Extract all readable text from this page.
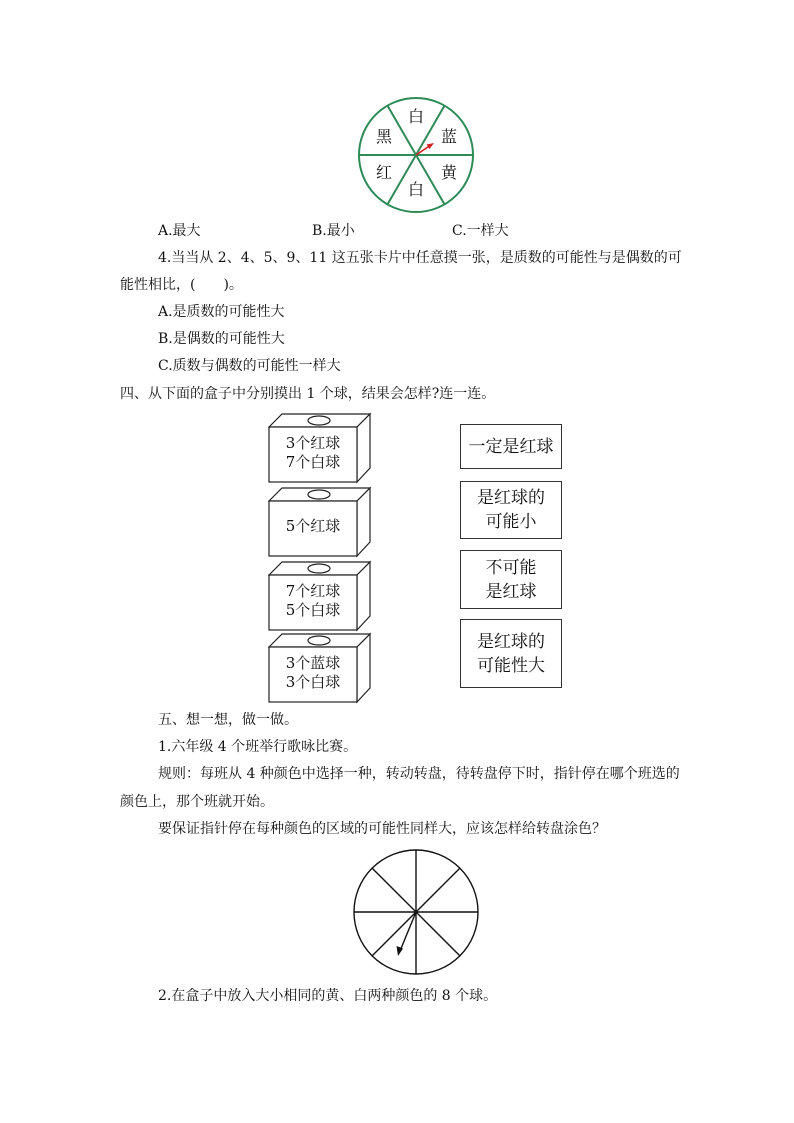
白
蓝
黄
白
红
黑
A.最大	B.最小	C.一样大
4.当当从 2、4、5、9、11 这五张卡片中任意摸一张，是质数的可能性与是偶数的可
能性相比，(　　)。
A.是质数的可能性大
B.是偶数的可能性大
C.质数与偶数的可能性一样大
四、从下面的盒子中分别摸出 1 个球，结果会怎样?连一连。
3个红球
7个白球
5个红球
7个红球
5个白球
3个蓝球
3个白球
一定是红球
是红球的
可能小
不可能
是红球
是红球的
可能性大
五、想一想，做一做。
1.六年级 4 个班举行歌咏比赛。
规则：每班从 4 种颜色中选择一种，转动转盘，待转盘停下时，指针停在哪个班选的
颜色上，那个班就开始。
要保证指针停在每种颜色的区域的可能性同样大，应该怎样给转盘涂色？
2.在盒子中放入大小相同的黄、白两种颜色的 8 个球。
